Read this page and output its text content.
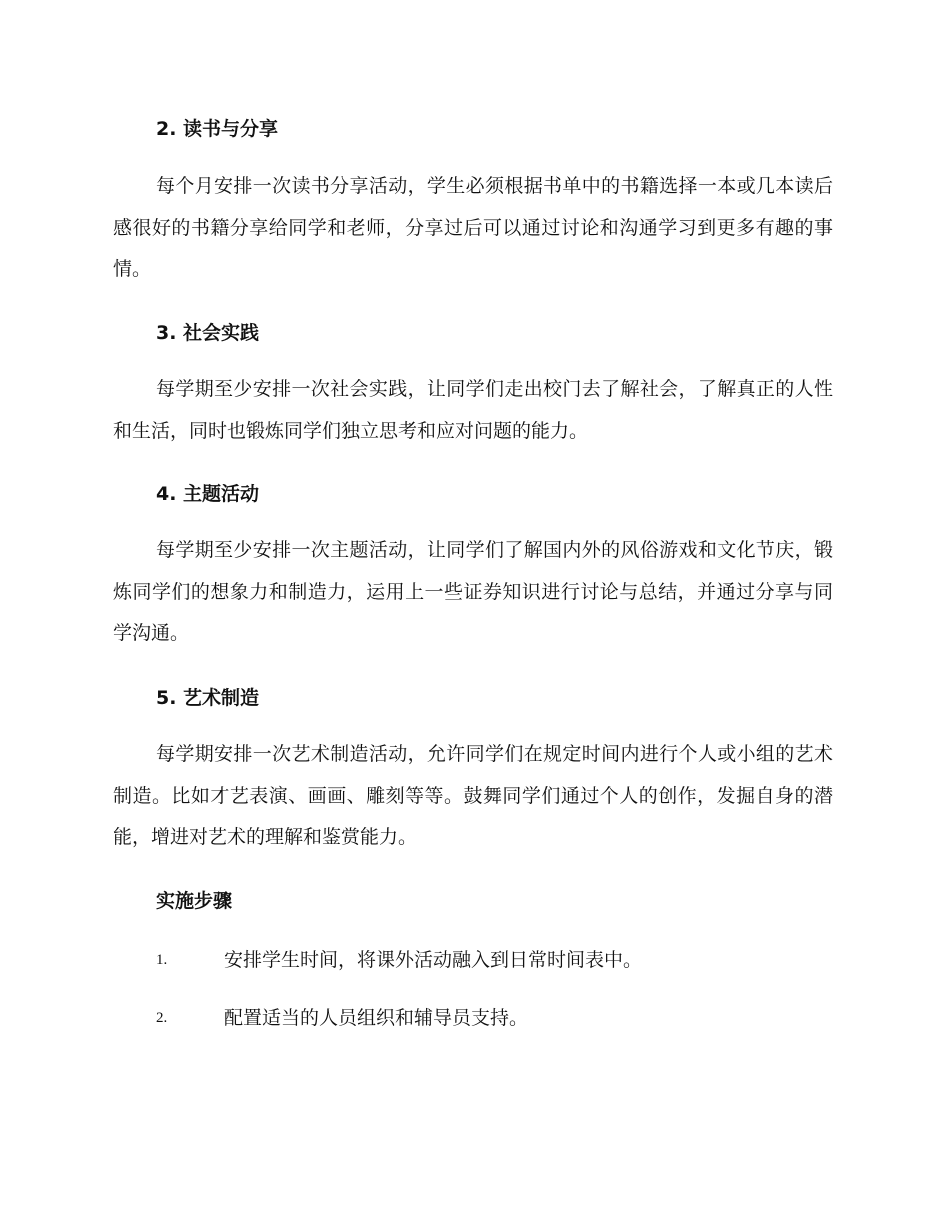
2. 读书与分享
每个月安排一次读书分享活动，学生必须根据书单中的书籍选择一本或几本读后感很好的书籍分享给同学和老师，分享过后可以通过讨论和沟通学习到更多有趣的事情。
3. 社会实践
每学期至少安排一次社会实践，让同学们走出校门去了解社会，了解真正的人性和生活，同时也锻炼同学们独立思考和应对问题的能力。
4. 主题活动
每学期至少安排一次主题活动，让同学们了解国内外的风俗游戏和文化节庆，锻炼同学们的想象力和制造力，运用上一些证券知识进行讨论与总结，并通过分享与同学沟通。
5. 艺术制造
每学期安排一次艺术制造活动，允许同学们在规定时间内进行个人或小组的艺术制造。比如才艺表演、画画、雕刻等等。鼓舞同学们通过个人的创作，发掘自身的潜能，增进对艺术的理解和鉴赏能力。
实施步骤
1.	安排学生时间，将课外活动融入到日常时间表中。
2.	配置适当的人员组织和辅导员支持。
